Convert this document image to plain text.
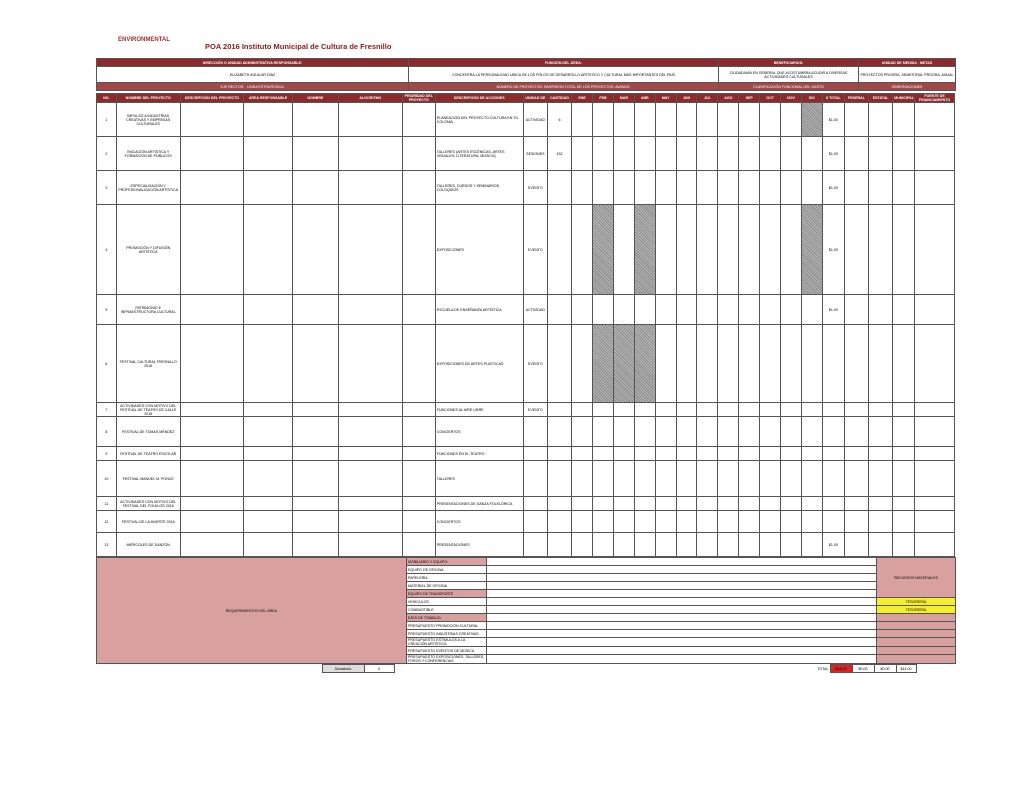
ENVIRONMENTAL
POA 2016 Instituto Municipal de Cultura de Fresnillo
DIRECCIÓN O UNIDAD ADMINISTRATIVA RESPONSABLE:	FUNCIÓN DEL ÁREA:	BENEFICIARIOS:	UNIDAD DE MEDIDA · METAS
ELIZABETH AGUILAR DÍAZ	CONCENTRA LA PERSONALIDAD UNICA DE LOS POLOS DE DESARROLLO ARTÍSTICO Y CULTURAL MÁS IMPORTANTES DEL PAÍS	CIUDADANÍA EN GENERAL QUE ACOSTUMBRA ACUDIR A DIVERSAS ACTIVIDADES CULTURALES	PROYECTOS PROGRA. SEMESTRAL PROGRA. ANUAL
EJE RECTOR: LÍNEA ESTRATÉGICA:	NÚMERO DE PROYECTOS: INVERSIÓN TOTAL DE LOS PROYECTOS: AVANCE:	CLASIFICACIÓN FUNCIONAL DEL GASTO	OBSERVACIONES
NO.	NOMBRE DEL PROYECTO	DESCRIPCIÓN DEL PROYECTO	ÁREA RESPONSABLE	NOMBRE	ALGORITMO	PRIORIDAD DEL PROYECTO	DESCRIPCIÓN DE ACCIONES	UNIDAD DE	CANTIDAD	ENE	FEB	MAR	ABR	MAY	JUN	JUL	AGO	SEP	OCT	NOV	DIC	$ TOTAL	FEDERAL	ESTATAL	MUNICIPAL	FUENTE DE FINANCIAMIENTO
1	IMPULSO A INDUSTRIAS CREATIVAS Y EMPRESAS CULTURALES						PLANEACIÓN DEL PROYECTO CULTURA EN TU COLONIA	ACTIVIDAD	6													$1.00				
2	INICIACIÓN ARTÍSTICA Y FORMACIÓN DE PÚBLICOS						TALLERES (ARTES ESCÉNICAS, ARTES VISUALES, LITERATURA, MÚSICA)	SESIONES	432													$1.00				
3	ESPECIALIZACIÓN Y PROFESIONALIZACIÓN ARTÍSTICA						TALLERES, CURSOS Y SEMINARIOS, COLOQUIOS	EVENTO														$1.00				
4	PROMOCIÓN Y DIFUSIÓN ARTÍSTICA						EXPOSICIONES	EVENTO														$1.00				
5	PATRIMONIO E INFRAESTRUCTURA CULTURAL						ESCUELA DE ENSEÑANZA ARTÍSTICA	ACTIVIDAD														$1.00				
6	FESTIVAL CULTURAL FRESNILLO 2016						EXPOSICIONES DE ARTES PLÁSTICAS	EVENTO																		
7	ACTIVIDADES CON MOTIVO DEL FESTIVAL DE TEATRO DE CALLE 2016						FUNCIONES AL AIRE LIBRE	EVENTO																		
8	FESTIVAL DE TOMAS MÉNDEZ						CONCIERTOS																			
9	FESTIVAL DE TEATRO ESCOLAR						FUNCIONES EN EL TEATRO																			
10	FESTIVAL MANUEL M. PONCE						TALLERES																			
11	ACTIVIDADES CON MOTIVO DEL FESTIVAL DEL FOLKLOR 2016						PRESENTACIONES DE DANZA FOLKLÓRICA																			
12	FESTIVAL DE LA MUERTE 2016						CONCIERTOS																			
13	MIÉRCOLES DE DANZÓN						PRESENTACIONES															$1.00				
REQUERIMIENTOS DEL ÁREA	MOBILIARIO Y EQUIPO:		RECURSOS MATERIALES
	EQUIPO DE OFICINA		
	PAPELERÍA		
	MATERIAL DE OFICINA		
	EQUIPO DE TRANSPORTE		
	VEHÍCULOS		TESORERÍA
	COMBUSTIBLE		TESORERÍA
	EJES DE TRABAJO:		
	PRESUPUESTO PROMOCIÓN CULTURAL		
	PRESUPUESTO INDUSTRIAS CREATIVAS		
	PRESUPUESTO ESTÍMULOS A LA CREACIÓN ARTÍSTICA		
	PRESUPUESTO EVENTOS DE MÚSICA		
	PRESUPUESTO EXPOSICIONES, TALLERES, FOROS Y CONFERENCIAS		
	Sumatoria	0	TOTAL	$14.00	$0.00	$0.00	$14.00	
